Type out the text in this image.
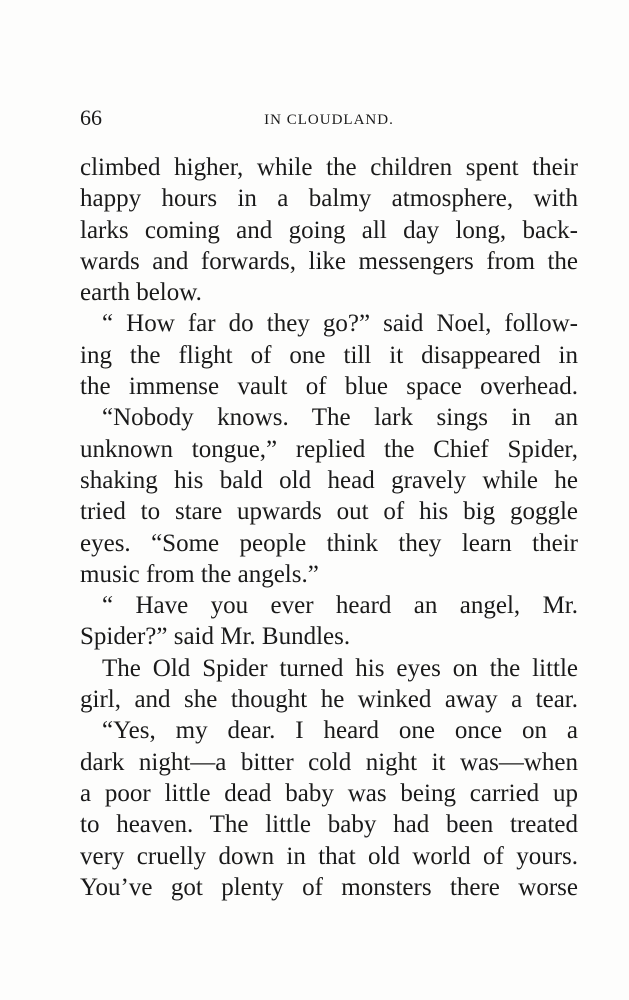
66	IN CLOUDLAND.
climbed higher, while the children spent their
happy hours in a balmy atmosphere, with
larks coming and going all day long, back-
wards and forwards, like messengers from the
earth below.
“ How far do they go?” said Noel, follow-
ing the flight of one till it disappeared in
the immense vault of blue space overhead.
“Nobody knows. The lark sings in an
unknown tongue,” replied the Chief Spider,
shaking his bald old head gravely while he
tried to stare upwards out of his big goggle
eyes. “Some people think they learn their
music from the angels.”
“ Have you ever heard an angel, Mr.
Spider?” said Mr. Bundles.
The Old Spider turned his eyes on the little
girl, and she thought he winked away a tear.
“Yes, my dear. I heard one once on a
dark night—a bitter cold night it was—when
a poor little dead baby was being carried up
to heaven. The little baby had been treated
very cruelly down in that old world of yours.
You’ve got plenty of monsters there worse
